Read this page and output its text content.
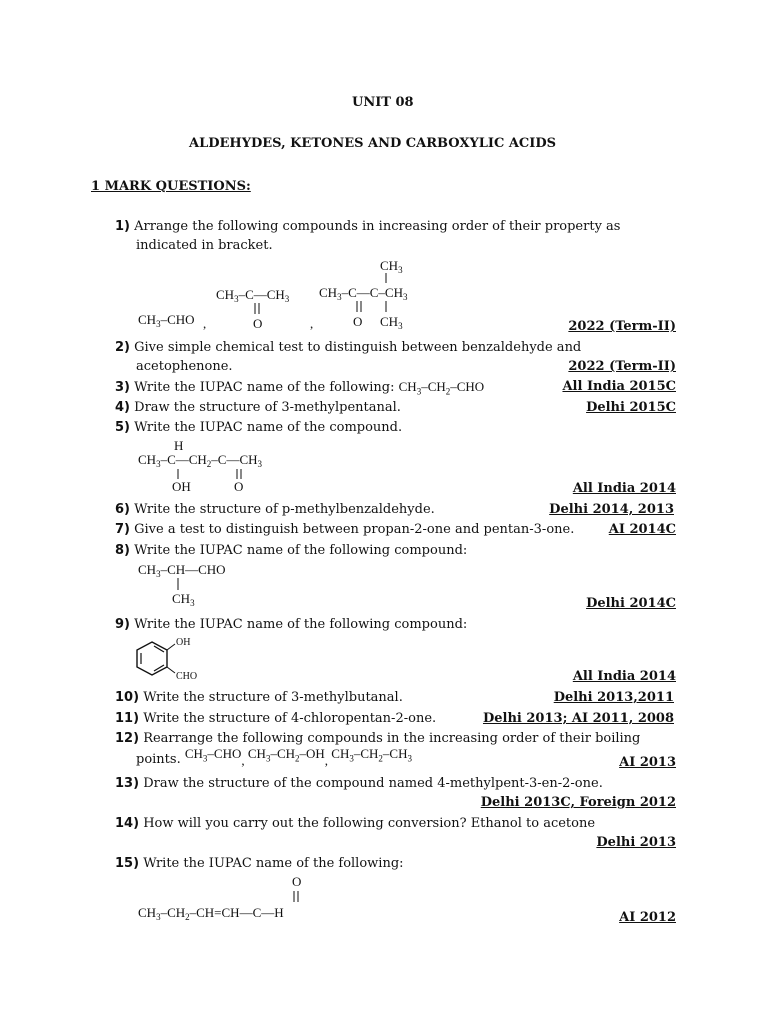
UNIT 08
ALDEHYDES, KETONES AND CARBOXYLIC ACIDS
1 MARK QUESTIONS:
1) Arrange the following compounds in increasing order of their property as
indicated in bracket.
$CH_3$–CHO ,
$CH_3-C—CH_3$
O	,
$CH_3$
$CH_3-C—C-CH_3$
O $CH_3$	2022 (Term-II)
2) Give simple chemical test to distinguish between benzaldehyde and
acetophenone.	2022 (Term-II)
3) Write the IUPAC name of the following: $CH_3-CH_2$–CHO	All India 2015C
4) Draw the structure of 3-methylpentanal.	Delhi 2015C
5) Write the IUPAC name of the compound.
H
$CH_3-C—CH_2-C—CH_3$
OH	O	All India 2014
6) Write the structure of p-methylbenzaldehyde.	Delhi 2014, 2013
7) Give a test to distinguish between propan-2-one and pentan-3-one.	AI 2014C
8) Write the IUPAC name of the following compound:
$CH_3-CH—CHO$
$CH_3$	Delhi 2014C
9) Write the IUPAC name of the following compound:
OH
CHO	All India 2014
10) Write the structure of 3-methylbutanal.	Delhi 2013,2011
11) Write the structure of 4-chloropentan-2-one.	Delhi 2013; AI 2011, 2008
12) Rearrange the following compounds in the increasing order of their boiling
points. $CH_3$–CHO, $CH_3-CH_2-OH$, $CH_3-CH_2-CH_3$	AI 2013
13) Draw the structure of the compound named 4-methylpent-3-en-2-one.
Delhi 2013C, Foreign 2012
14) How will you carry out the following conversion? Ethanol to acetone
Delhi 2013
15) Write the IUPAC name of the following:
O
$CH_3-CH_2-CH=CH—C—H$	AI 2012
